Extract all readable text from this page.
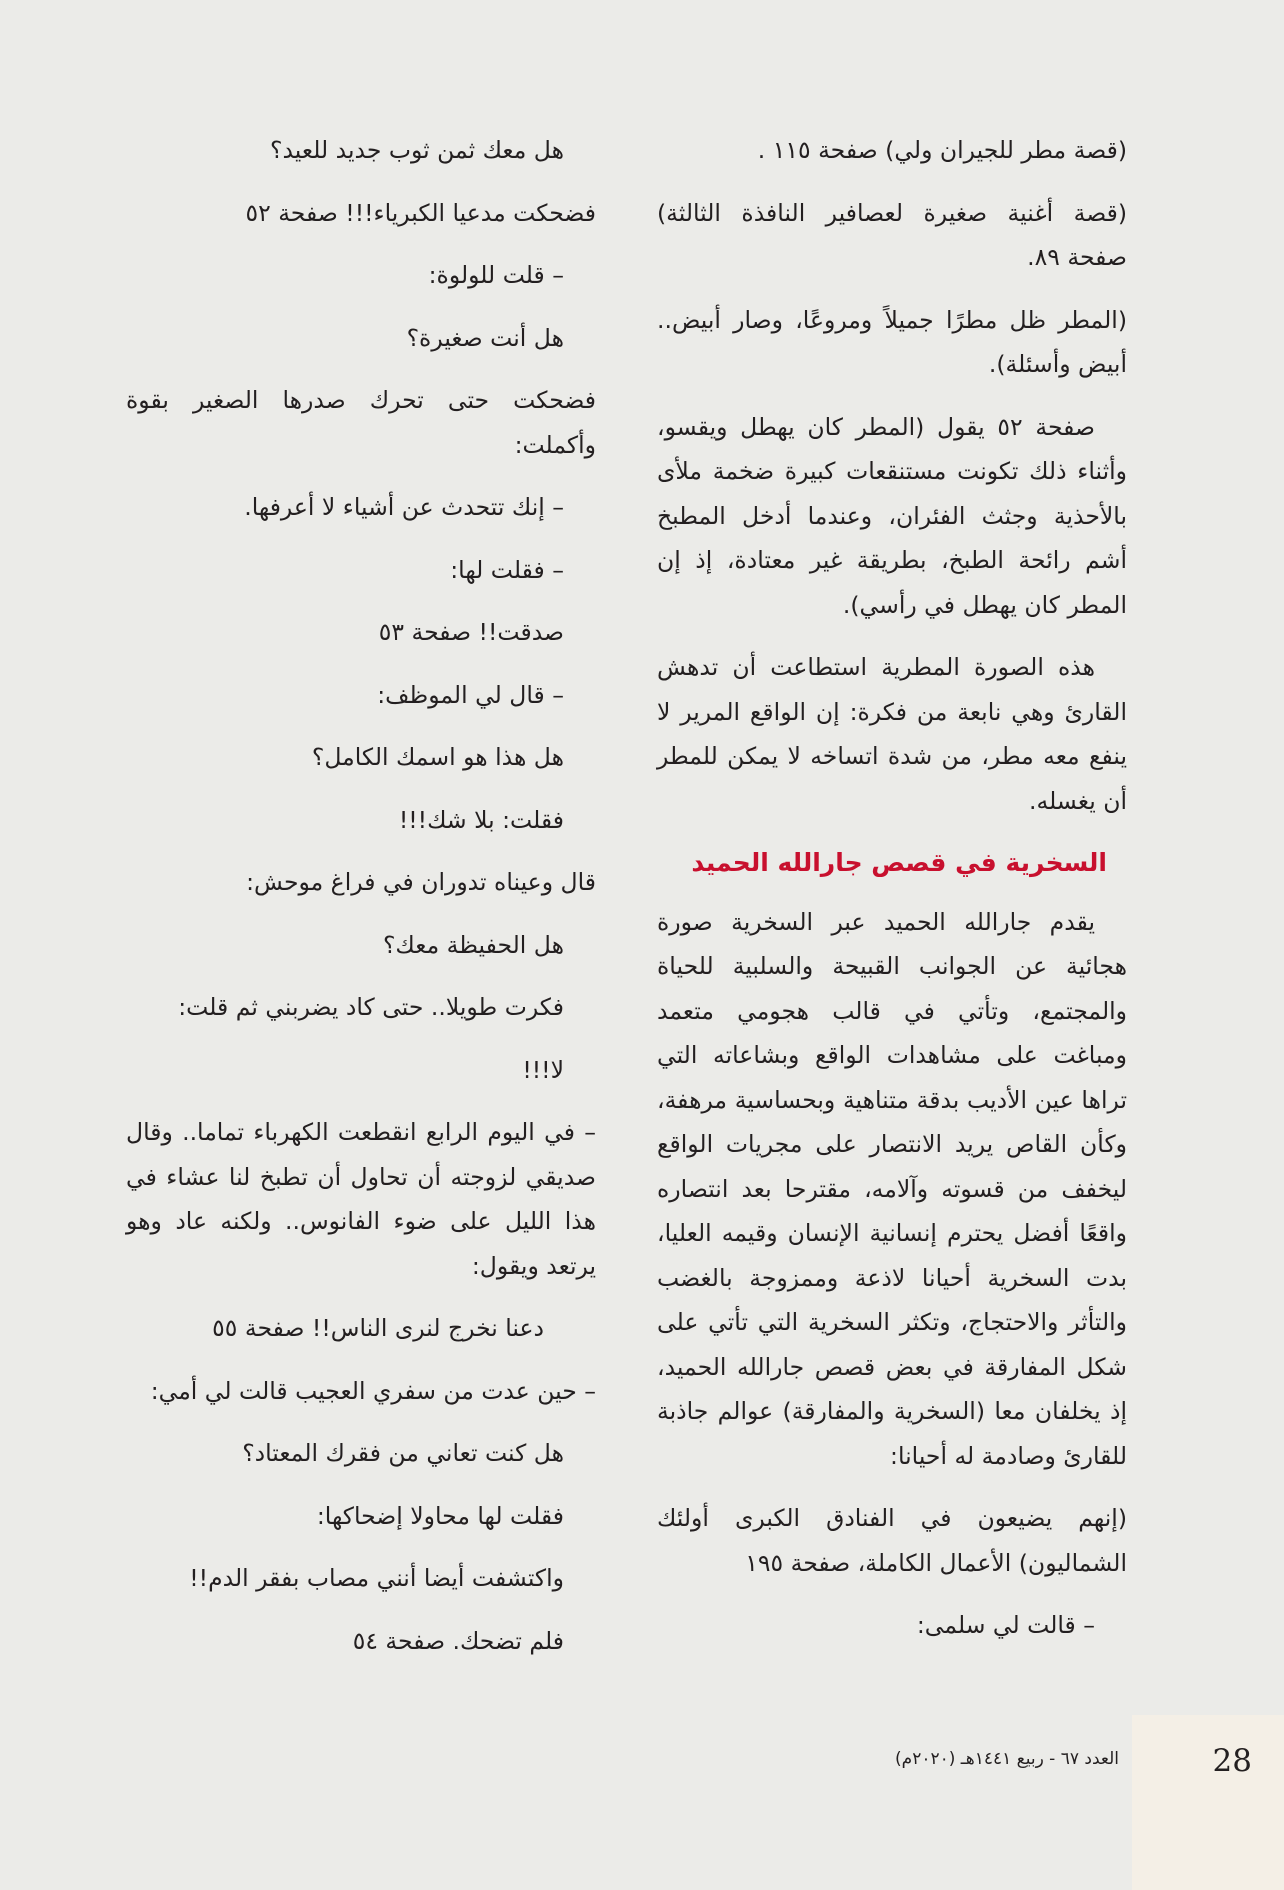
(قصة مطر للجيران ولي) صفحة ١١٥ .

(قصة أغنية صغيرة لعصافير النافذة الثالثة) صفحة ٨٩.

(المطر ظل مطرًا جميلاً ومروعًا، وصار أبيض.. أبيض وأسئلة).

صفحة ٥٢ يقول (المطر كان يهطل ويقسو، وأثناء ذلك تكونت مستنقعات كبيرة ضخمة ملأى بالأحذية وجثث الفئران، وعندما أدخل المطبخ أشم رائحة الطبخ، بطريقة غير معتادة، إذ إن المطر كان يهطل في رأسي).

هذه الصورة المطرية استطاعت أن تدهش القارئ وهي نابعة من فكرة: إن الواقع المرير لا ينفع معه مطر، من شدة اتساخه لا يمكن للمطر أن يغسله.

السخرية في قصص جارالله الحميد

يقدم جارالله الحميد عبر السخرية صورة هجائية عن الجوانب القبيحة والسلبية للحياة والمجتمع، وتأتي في قالب هجومي متعمد ومباغت على مشاهدات الواقع وبشاعاته التي تراها عين الأديب بدقة متناهية وبحساسية مرهفة، وكأن القاص يريد الانتصار على مجريات الواقع ليخفف من قسوته وآلامه، مقترحا بعد انتصاره واقعًا أفضل يحترم إنسانية الإنسان وقيمه العليا، بدت السخرية أحيانا لاذعة وممزوجة بالغضب والتأثر والاحتجاج، وتكثر السخرية التي تأتي على شكل المفارقة في بعض قصص جارالله الحميد، إذ يخلفان معا (السخرية والمفارقة) عوالم جاذبة للقارئ وصادمة له أحيانا:

(إنهم يضيعون في الفنادق الكبرى أولئك الشماليون) الأعمال الكاملة، صفحة ١٩٥

– قالت لي سلمى:

هل معك ثمن ثوب جديد للعيد؟

فضحكت مدعيا الكبرياء!!! صفحة ٥٢

– قلت للولوة:

هل أنت صغيرة؟

فضحكت حتى تحرك صدرها الصغير بقوة وأكملت:

– إنك تتحدث عن أشياء لا أعرفها.

– فقلت لها:

صدقت!! صفحة ٥٣

– قال لي الموظف:

هل هذا هو اسمك الكامل؟

فقلت: بلا شك!!!

قال وعيناه تدوران في فراغ موحش:

هل الحفيظة معك؟

فكرت طويلا.. حتى كاد يضربني ثم قلت:

لا!!!

– في اليوم الرابع انقطعت الكهرباء تماما.. وقال صديقي لزوجته أن تحاول أن تطبخ لنا عشاء في هذا الليل على ضوء الفانوس.. ولكنه عاد وهو يرتعد ويقول:

دعنا نخرج لنرى الناس!! صفحة ٥٥

– حين عدت من سفري العجيب قالت لي أمي:

هل كنت تعاني من فقرك المعتاد؟

فقلت لها محاولا إضحاكها:

واكتشفت أيضا أنني مصاب بفقر الدم!!

فلم تضحك. صفحة ٥٤

العدد ٦٧ - ربيع ١٤٤١هـ (٢٠٢٠م)	28
